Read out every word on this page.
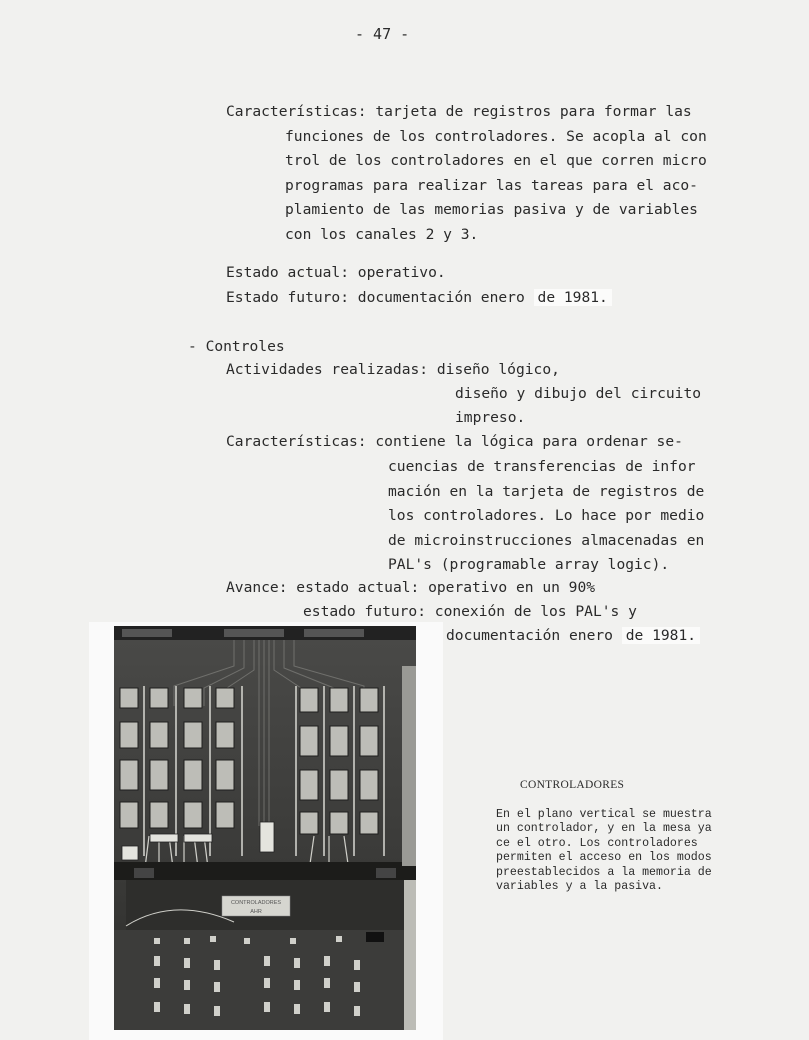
- 47 -
Características: tarjeta de registros para formar las
funciones de los controladores. Se acopla al con
trol de los controladores en el que corren micro
programas para realizar las tareas para el aco-
plamiento de las memorias pasiva y de variables
con los canales 2 y 3.
Estado actual: operativo.
Estado futuro: documentación enero de 1981.
- Controles
Actividades realizadas: diseño lógico,
diseño y dibujo del circuito
impreso.
Características: contiene la lógica para ordenar se-
cuencias de transferencias de infor
mación en la tarjeta de registros de
los controladores. Lo hace por medio
de microinstrucciones almacenadas en
PAL's (programable array logic).
Avance: estado actual: operativo en un 90%
estado futuro: conexión de los PAL's y
documentación enero de 1981.
CONTROLADORES
AHR
CONTROLADORES
En el plano vertical se muestra
un controlador, y en la mesa ya
ce el otro. Los controladores
permiten el acceso en los modos
preestablecidos a la memoria de
variables y a la pasiva.
